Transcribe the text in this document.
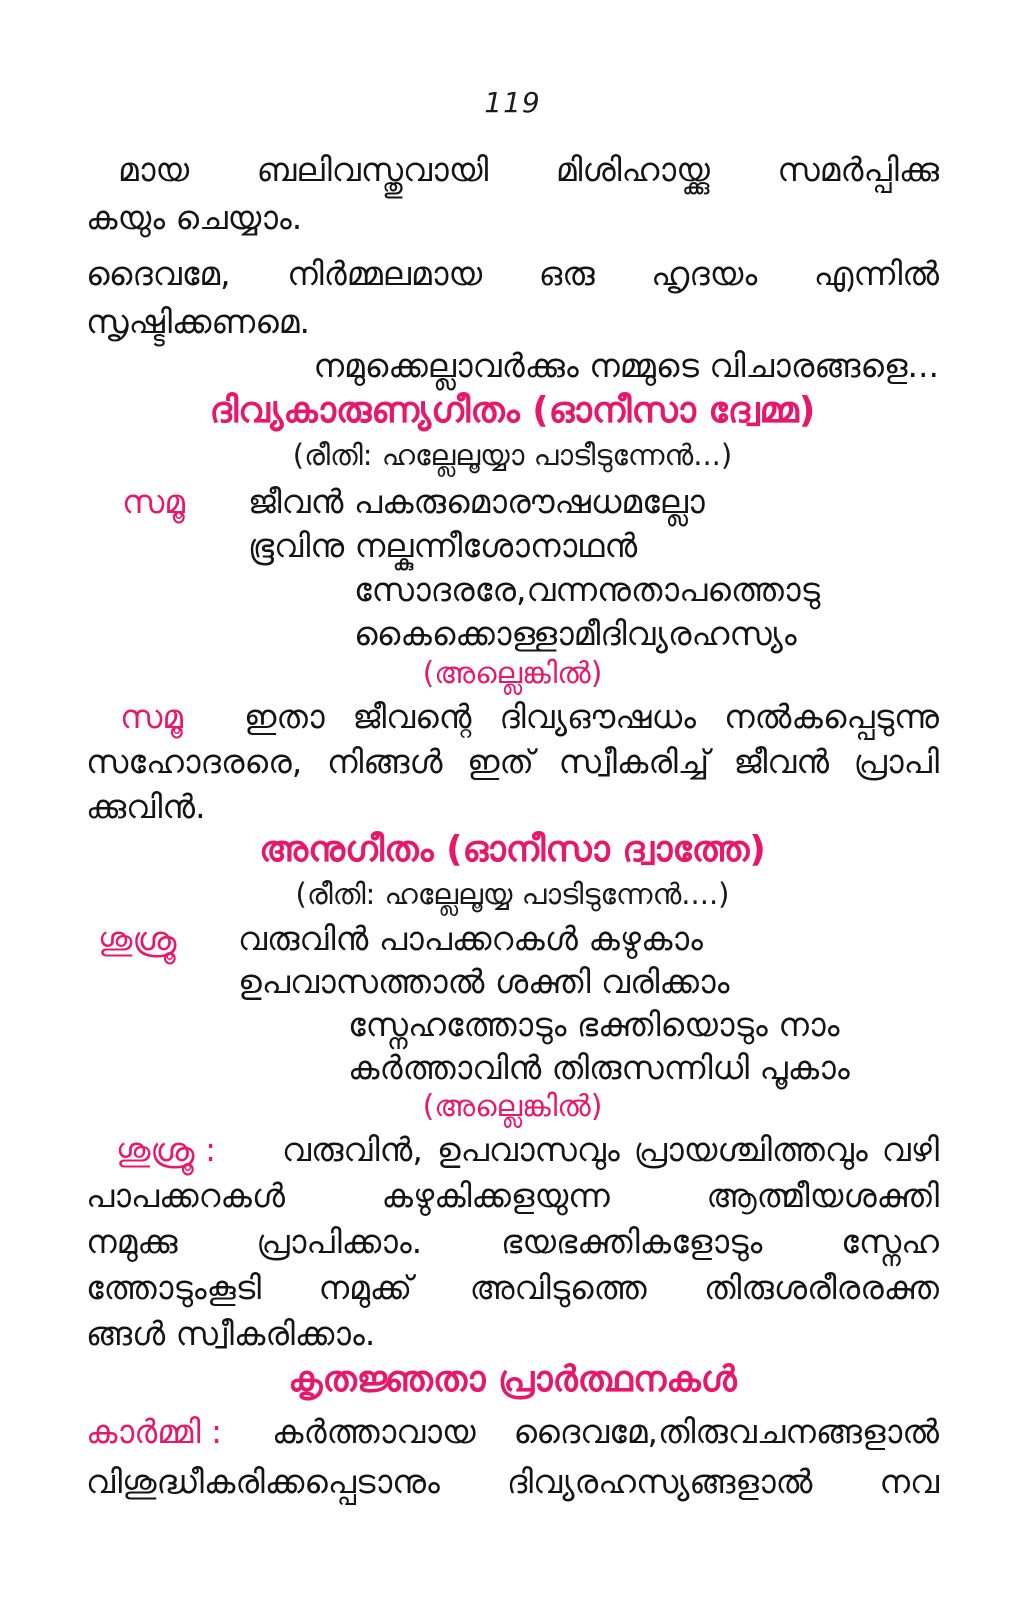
119
മായ ബലിവസ്തുവായി മിശിഹായ്ക്കു സമർപ്പിക്കു
കയും ചെയ്യാം.
ദൈവമേ, നിർമ്മലമായ ഒരു ഹൃദയം എന്നിൽ
സൃഷ്ടിക്കണമെ.
നമുക്കെല്ലാവർക്കും നമ്മുടെ വിചാരങ്ങളെ...
ദിവ്യകാരുണ്യഗീതം (ഓനീസാ ദ്വേമ്മ)
(രീതി: ഹല്ലേലൂയ്യാ പാടീടുന്നേൻ...)
സമൂ	ജീവൻ പകരുമൊരൗഷധമല്ലോ
ഭൂവിനു നല്കുന്നീശോനാഥൻ
സോദരരേ,വന്നനുതാപത്തൊടു
കൈക്കൊള്ളാമീദിവ്യരഹസ്യം
(അല്ലെങ്കിൽ)
സമൂ	ഇതാ ജീവന്റെ ദിവ്യഔഷധം നൽകപ്പെടുന്നു
സഹോദരരെ, നിങ്ങൾ ഇത് സ്വീകരിച്ച് ജീവൻ പ്രാപി
ക്കുവിൻ.
അനുഗീതം (ഓനീസാ ദ്വാത്തേ)
(രീതി: ഹല്ലേലൂയ്യ പാടിടുന്നേൻ....)
ശുശ്രൂ	വരുവിൻ പാപക്കറകൾ കഴുകാം
ഉപവാസത്താൽ ശക്തി വരിക്കാം
സ്നേഹത്തോടും ഭക്തിയൊടും നാം
കർത്താവിൻ തിരുസന്നിധി പൂകാം
(അല്ലെങ്കിൽ)
ശുശ്രൂ :	വരുവിൻ, ഉപവാസവും പ്രായശ്ചിത്തവും വഴി
പാപക്കറകൾ കഴുകിക്കളയുന്ന ആത്മീയശക്തി
നമുക്കു പ്രാപിക്കാം. ഭയഭക്തികളോടും സ്നേഹ
ത്തോടുംകൂടി നമുക്ക് അവിടുത്തെ തിരുശരീരരക്ത
ങ്ങൾ സ്വീകരിക്കാം.
കൃതജ്ഞതാ പ്രാർത്ഥനകൾ
കാർമ്മി :	കർത്താവായ ദൈവമേ,തിരുവചനങ്ങളാൽ
വിശുദ്ധീകരിക്കപ്പെടാനും ദിവ്യരഹസ്യങ്ങളാൽ നവ
